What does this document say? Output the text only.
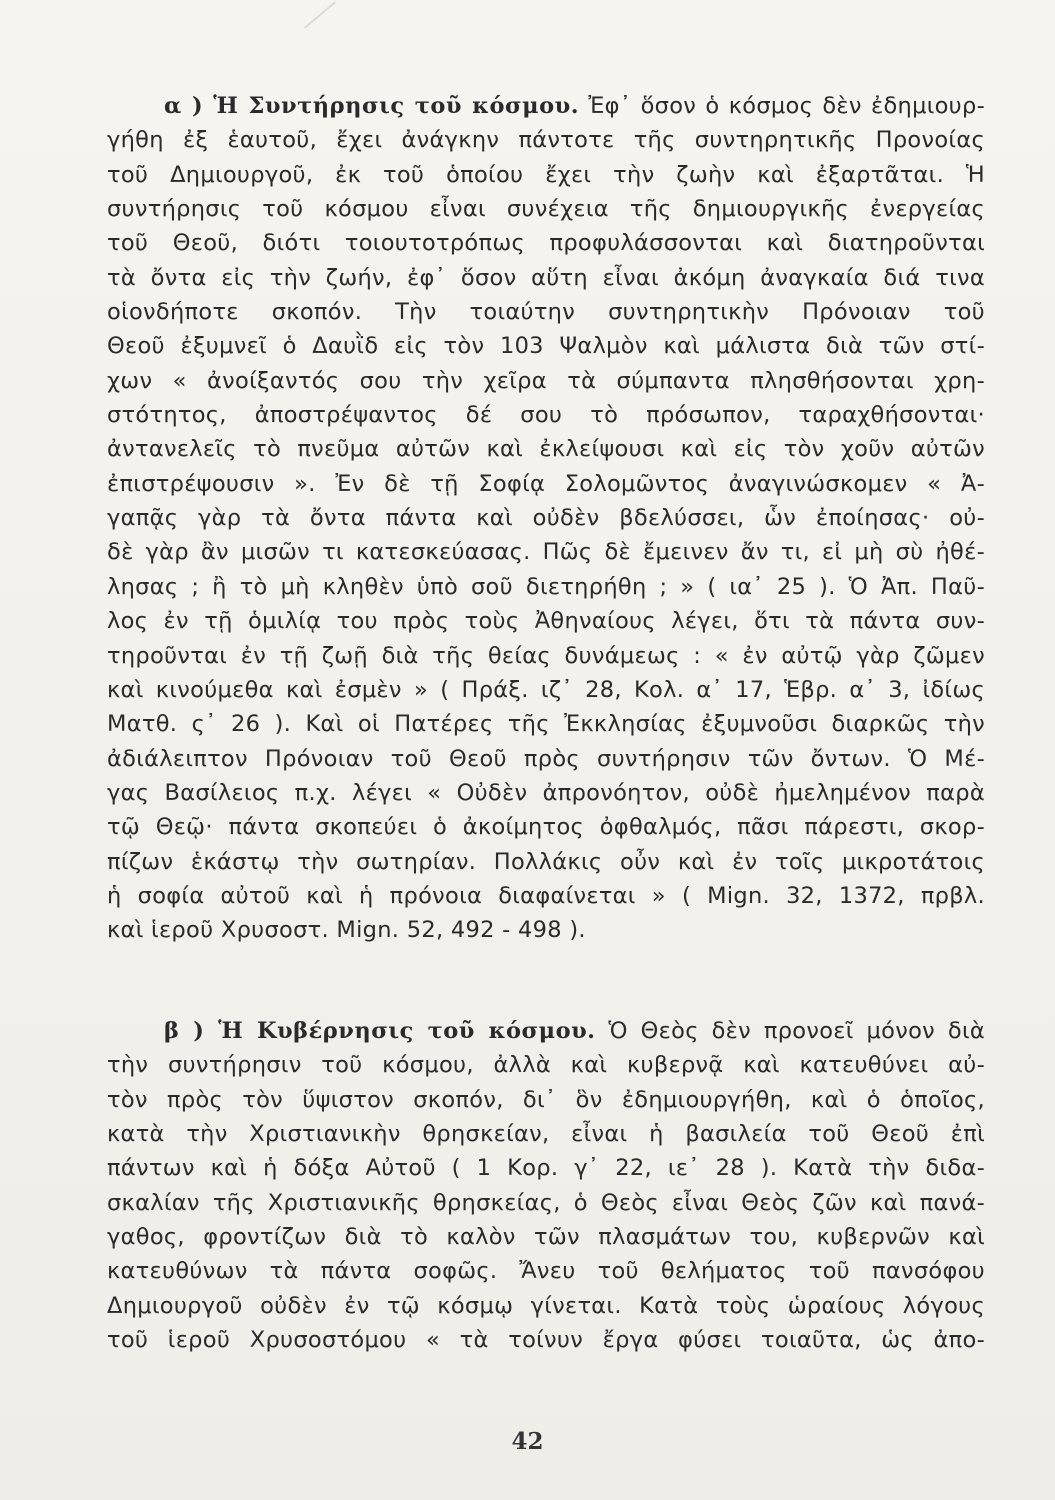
α ) Ἡ Συντήρησις τοῦ κόσμου. Ἐφ᾽ ὅσον ὁ κόσμος δὲν ἐδημιουρ-
γήθη ἐξ ἑαυτοῦ, ἔχει ἀνάγκην πάντοτε τῆς συντηρητικῆς Προνοίας
τοῦ Δημιουργοῦ, ἐκ τοῦ ὁποίου ἔχει τὴν ζωὴν καὶ ἐξαρτᾶται. Ἡ
συντήρησις τοῦ κόσμου εἶναι συνέχεια τῆς δημιουργικῆς ἐνεργείας
τοῦ Θεοῦ, διότι τοιουτοτρόπως προφυλάσσονται καὶ διατηροῦνται
τὰ ὄντα εἰς τὴν ζωήν, ἐφ᾽ ὅσον αὕτη εἶναι ἀκόμη ἀναγκαία διά τινα
οἱονδήποτε σκοπόν. Τὴν τοιαύτην συντηρητικὴν Πρόνοιαν τοῦ
Θεοῦ ἐξυμνεῖ ὁ Δαυῒδ εἰς τὸν 103 Ψαλμὸν καὶ μάλιστα διὰ τῶν στί-
χων « ἀνοίξαντός σου τὴν χεῖρα τὰ σύμπαντα πλησθήσονται χρη-
στότητος, ἀποστρέψαντος δέ σου τὸ πρόσωπον, ταραχθήσονται·
ἀντανελεῖς τὸ πνεῦμα αὐτῶν καὶ ἐκλείψουσι καὶ εἰς τὸν χοῦν αὐτῶν
ἐπιστρέψουσιν ». Ἐν δὲ τῇ Σοφίᾳ Σολομῶντος ἀναγινώσκομεν « Ἀ-
γαπᾷς γὰρ τὰ ὄντα πάντα καὶ οὐδὲν βδελύσσει, ὧν ἐποίησας· οὐ-
δὲ γὰρ ἂν μισῶν τι κατεσκεύασας. Πῶς δὲ ἔμεινεν ἄν τι, εἰ μὴ σὺ ἠθέ-
λησας ; ἢ τὸ μὴ κληθὲν ὑπὸ σοῦ διετηρήθη ; » ( ια᾽ 25 ). Ὁ Ἀπ. Παῦ-
λος ἐν τῇ ὁμιλίᾳ του πρὸς τοὺς Ἀθηναίους λέγει, ὅτι τὰ πάντα συν-
τηροῦνται ἐν τῇ ζωῇ διὰ τῆς θείας δυνάμεως : « ἐν αὐτῷ γὰρ ζῶμεν
καὶ κινούμεθα καὶ ἐσμὲν » ( Πράξ. ιζ᾽ 28, Κολ. α᾽ 17, Ἑβρ. α᾽ 3, ἰδίως
Ματθ. ς᾽ 26 ). Καὶ οἱ Πατέρες τῆς Ἐκκλησίας ἐξυμνοῦσι διαρκῶς τὴν
ἀδιάλειπτον Πρόνοιαν τοῦ Θεοῦ πρὸς συντήρησιν τῶν ὄντων. Ὁ Μέ-
γας Βασίλειος π.χ. λέγει « Οὐδὲν ἀπρονόητον, οὐδὲ ἠμελημένον παρὰ
τῷ Θεῷ· πάντα σκοπεύει ὁ ἀκοίμητος ὀφθαλμός, πᾶσι πάρεστι, σκορ-
πίζων ἑκάστῳ τὴν σωτηρίαν. Πολλάκις οὖν καὶ ἐν τοῖς μικροτάτοις
ἡ σοφία αὐτοῦ καὶ ἡ πρόνοια διαφαίνεται » ( Mign. 32, 1372, πρβλ.
καὶ ἱεροῦ Χρυσοστ. Mign. 52, 492 - 498 ).
β ) Ἡ Κυβέρνησις τοῦ κόσμου. Ὁ Θεὸς δὲν προνοεῖ μόνον διὰ
τὴν συντήρησιν τοῦ κόσμου, ἀλλὰ καὶ κυβερνᾷ καὶ κατευθύνει αὐ-
τὸν πρὸς τὸν ὕψιστον σκοπόν, δι᾽ ὃν ἐδημιουργήθη, καὶ ὁ ὁποῖος,
κατὰ τὴν Χριστιανικὴν θρησκείαν, εἶναι ἡ βασιλεία τοῦ Θεοῦ ἐπὶ
πάντων καὶ ἡ δόξα Αὐτοῦ ( 1 Κορ. γ᾽ 22, ιε᾽ 28 ). Κατὰ τὴν διδα-
σκαλίαν τῆς Χριστιανικῆς θρησκείας, ὁ Θεὸς εἶναι Θεὸς ζῶν καὶ πανά-
γαθος, φροντίζων διὰ τὸ καλὸν τῶν πλασμάτων του, κυβερνῶν καὶ
κατευθύνων τὰ πάντα σοφῶς. Ἄνευ τοῦ θελήματος τοῦ πανσόφου
Δημιουργοῦ οὐδὲν ἐν τῷ κόσμῳ γίνεται. Κατὰ τοὺς ὡραίους λόγους
τοῦ ἱεροῦ Χρυσοστόμου « τὰ τοίνυν ἔργα φύσει τοιαῦτα, ὡς ἀπο-
42
